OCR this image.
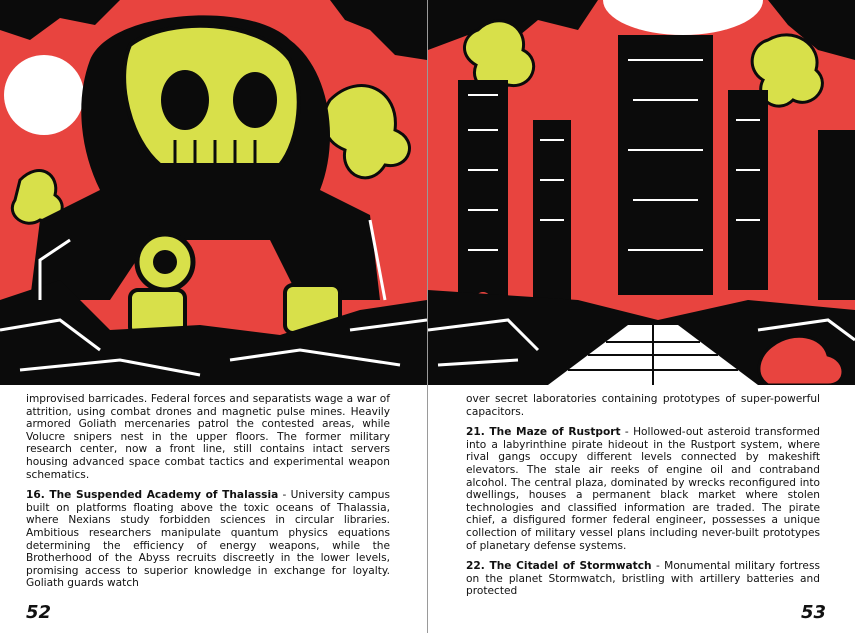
improvised barricades. Federal forces and separatists wage a war of attrition, using combat drones and magnetic pulse mines. Heavily armored Goliath mercenaries patrol the contested areas, while Volucre snipers nest in the upper floors. The former military research center, now a front line, still contains intact servers housing advanced space combat tactics and experimental weapon schematics.

16. The Suspended Academy of Thalassia - University campus built on platforms floating above the toxic oceans of Thalassia, where Nexians study forbidden sciences in circular libraries. Ambitious researchers manipulate quantum physics equations determining the efficiency of energy weapons, while the Brotherhood of the Abyss recruits discreetly in the lower levels, promising access to superior knowledge in exchange for loyalty. Goliath guards watch

52

over secret laboratories containing prototypes of super-powerful capacitors.

21. The Maze of Rustport - Hollowed-out asteroid transformed into a labyrinthine pirate hideout in the Rustport system, where rival gangs occupy different levels connected by makeshift elevators. The stale air reeks of engine oil and contraband alcohol. The central plaza, dominated by wrecks reconfigured into dwellings, houses a permanent black market where stolen technologies and classified information are traded. The pirate chief, a disfigured former federal engineer, possesses a unique collection of military vessel plans including never-built prototypes of planetary defense systems.

22. The Citadel of Stormwatch - Monumental military fortress on the planet Stormwatch, bristling with artillery batteries and protected

53
